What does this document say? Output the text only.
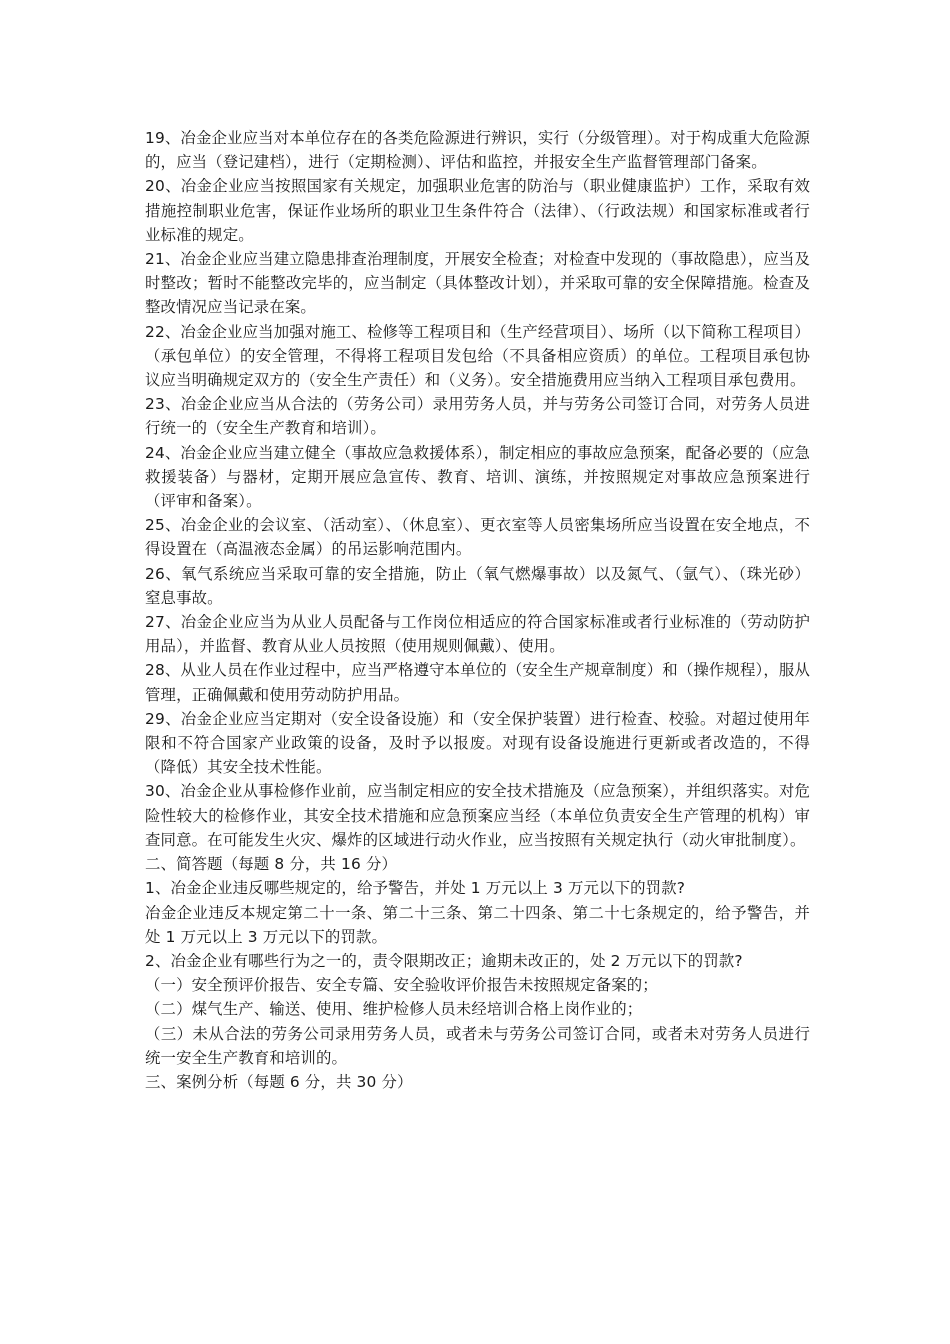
19、冶金企业应当对本单位存在的各类危险源进行辨识，实行（分级管理）。对于构成重大危险源的，应当（登记建档），进行（定期检测）、评估和监控，并报安全生产监督管理部门备案。

20、冶金企业应当按照国家有关规定，加强职业危害的防治与（职业健康监护）工作，采取有效措施控制职业危害，保证作业场所的职业卫生条件符合（法律）、（行政法规）和国家标准或者行业标准的规定。

21、冶金企业应当建立隐患排查治理制度，开展安全检查；对检查中发现的（事故隐患），应当及时整改；暂时不能整改完毕的，应当制定（具体整改计划），并采取可靠的安全保障措施。检查及整改情况应当记录在案。

22、冶金企业应当加强对施工、检修等工程项目和（生产经营项目）、场所（以下简称工程项目）（承包单位）的安全管理，不得将工程项目发包给（不具备相应资质）的单位。工程项目承包协议应当明确规定双方的（安全生产责任）和（义务）。安全措施费用应当纳入工程项目承包费用。

23、冶金企业应当从合法的（劳务公司）录用劳务人员，并与劳务公司签订合同，对劳务人员进行统一的（安全生产教育和培训）。

24、冶金企业应当建立健全（事故应急救援体系），制定相应的事故应急预案，配备必要的（应急救援装备）与器材，定期开展应急宣传、教育、培训、演练，并按照规定对事故应急预案进行（评审和备案）。

25、冶金企业的会议室、（活动室）、（休息室）、更衣室等人员密集场所应当设置在安全地点，不得设置在（高温液态金属）的吊运影响范围内。

26、氧气系统应当采取可靠的安全措施，防止（氧气燃爆事故）以及氮气、（氩气）、（珠光砂）窒息事故。

27、冶金企业应当为从业人员配备与工作岗位相适应的符合国家标准或者行业标准的（劳动防护用品），并监督、教育从业人员按照（使用规则佩戴）、使用。

28、从业人员在作业过程中，应当严格遵守本单位的（安全生产规章制度）和（操作规程），服从管理，正确佩戴和使用劳动防护用品。

29、冶金企业应当定期对（安全设备设施）和（安全保护装置）进行检查、校验。对超过使用年限和不符合国家产业政策的设备，及时予以报废。对现有设备设施进行更新或者改造的，不得（降低）其安全技术性能。

30、冶金企业从事检修作业前，应当制定相应的安全技术措施及（应急预案），并组织落实。对危险性较大的检修作业，其安全技术措施和应急预案应当经（本单位负责安全生产管理的机构）审查同意。在可能发生火灾、爆炸的区域进行动火作业，应当按照有关规定执行（动火审批制度）。

二、简答题（每题 8 分，共 16 分）

1、冶金企业违反哪些规定的，给予警告，并处 1 万元以上 3 万元以下的罚款?

冶金企业违反本规定第二十一条、第二十三条、第二十四条、第二十七条规定的，给予警告，并处 1 万元以上 3 万元以下的罚款。

2、冶金企业有哪些行为之一的，责令限期改正；逾期未改正的，处 2 万元以下的罚款?

（一）安全预评价报告、安全专篇、安全验收评价报告未按照规定备案的；

（二）煤气生产、输送、使用、维护检修人员未经培训合格上岗作业的；

（三）未从合法的劳务公司录用劳务人员，或者未与劳务公司签订合同，或者未对劳务人员进行统一安全生产教育和培训的。

三、案例分析（每题 6 分，共 30 分）
